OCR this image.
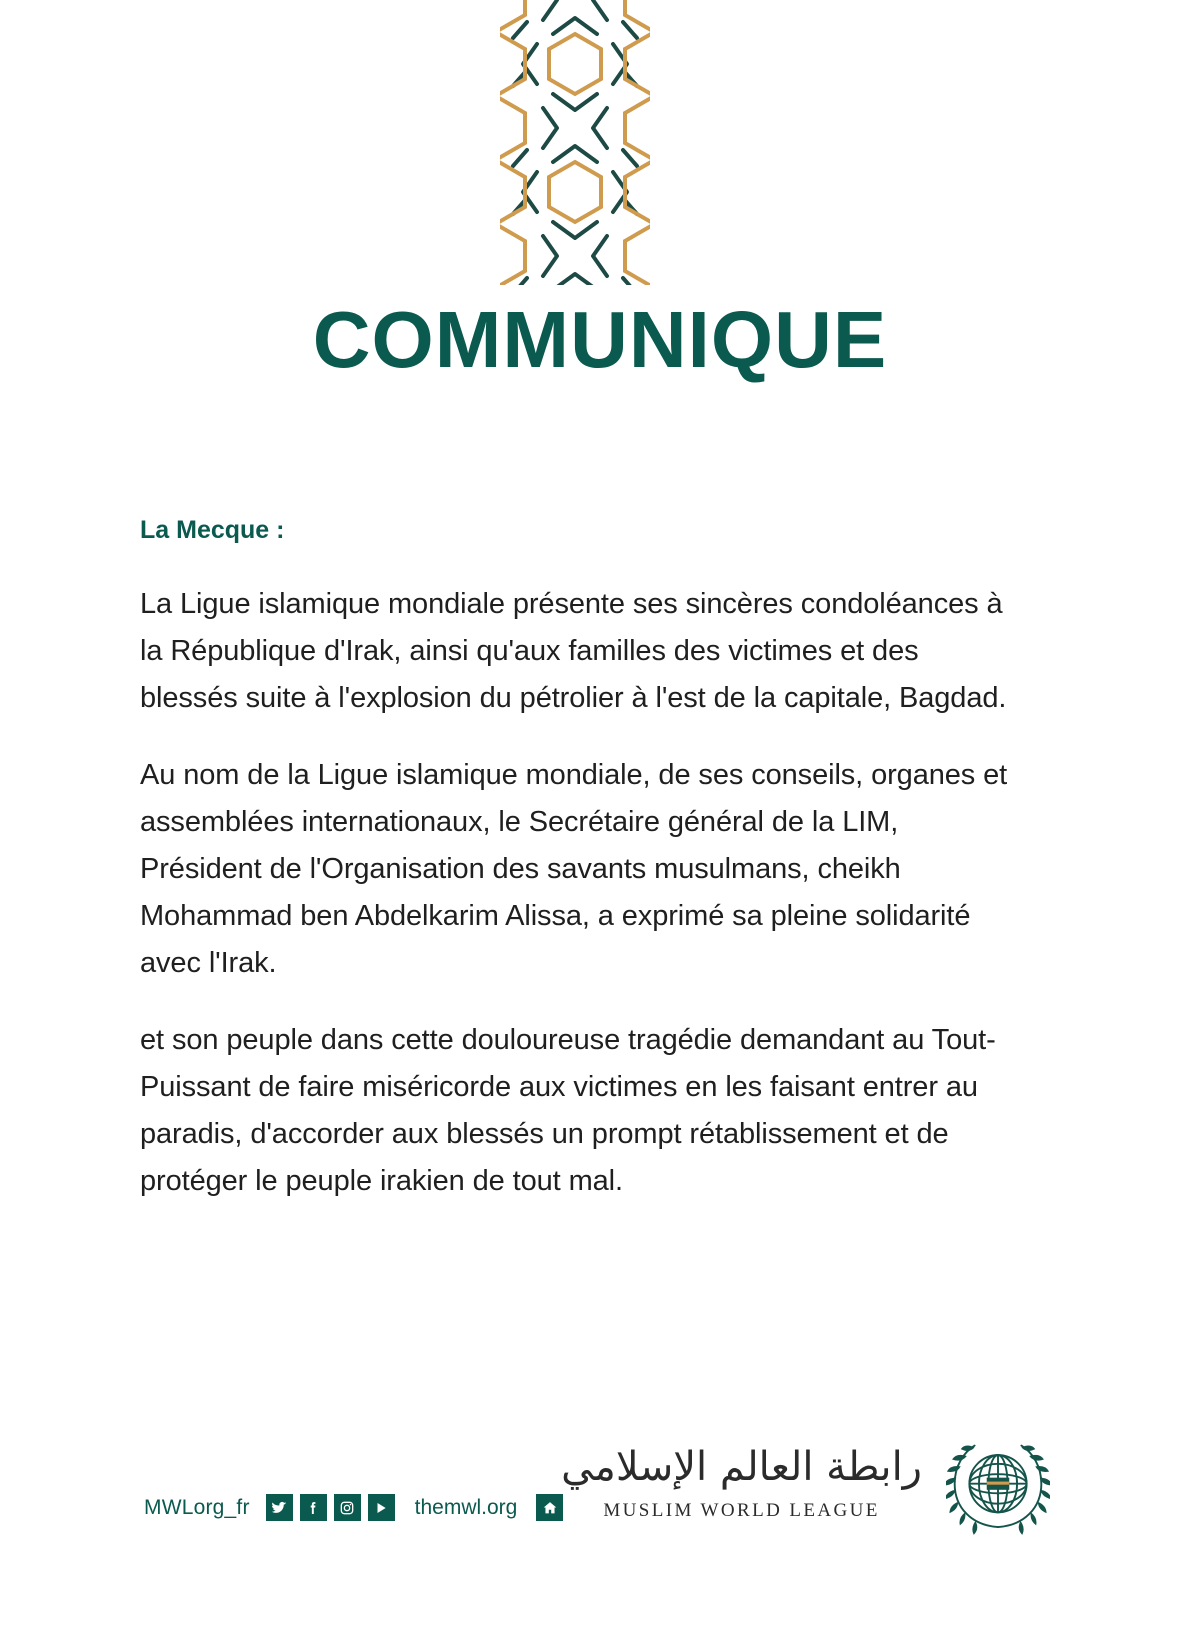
COMMUNIQUE

La Mecque :

La Ligue islamique mondiale présente ses sincères condoléances à la République d'Irak, ainsi qu'aux familles des victimes et des blessés suite à l'explosion du pétrolier à l'est de la capitale, Bagdad.

Au nom de la Ligue islamique mondiale, de ses conseils, organes et assemblées internationaux, le Secrétaire général de la LIM, Président de l'Organisation des savants musulmans, cheikh Mohammad ben Abdelkarim Alissa, a exprimé sa pleine solidarité avec l'Irak.

et son peuple dans cette douloureuse tragédie demandant au Tout-Puissant de faire miséricorde aux victimes en les faisant entrer au paradis, d'accorder aux blessés un prompt rétablissement et de protéger le peuple irakien de tout mal.

MWLorg_fr	themwl.org
رابطة العالم الإسلامي
MUSLIM WORLD LEAGUE
